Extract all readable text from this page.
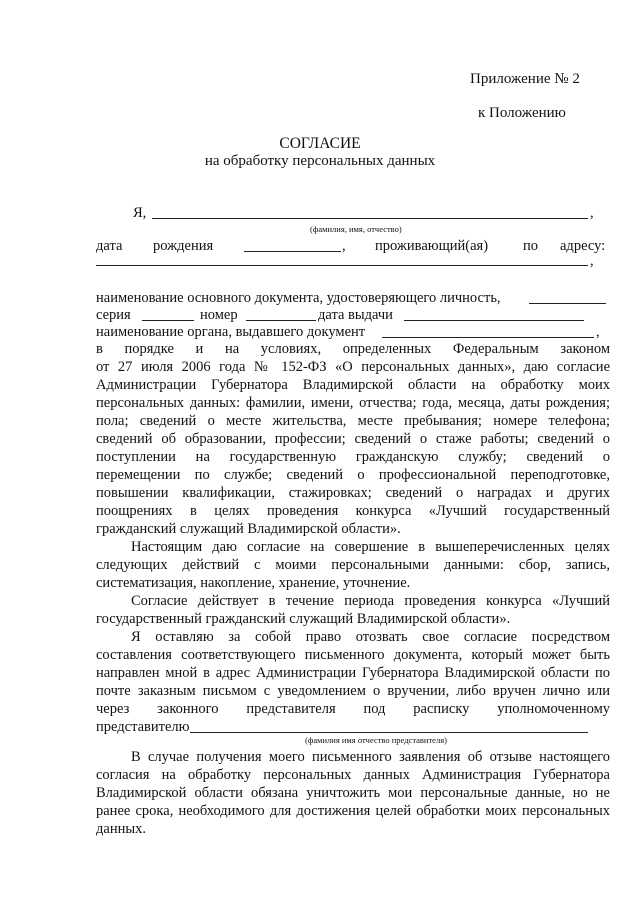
Приложение № 2
к Положению
СОГЛАСИЕ
на обработку персональных данных
Я,	,
(фамилия, имя, отчество)
дата рождения	, проживающий(ая) по адресу:
,
наименование основного документа, удостоверяющего личность,
серия	номер	дата выдачи
наименование органа, выдавшего документ	,
в порядке и на условиях, определенных Федеральным законом
от 27 июля 2006 года № 152-ФЗ «О персональных данных», даю согласие
Администрации Губернатора Владимирской области на обработку моих
персональных данных: фамилии, имени, отчества; года, месяца, даты рождения;
пола; сведений о месте жительства, месте пребывания; номере телефона;
сведений об образовании, профессии; сведений о стаже работы; сведений о
поступлении на государственную гражданскую службу; сведений о
перемещении по службе; сведений о профессиональной переподготовке,
повышении квалификации, стажировках; сведений о наградах и других
поощрениях в целях проведения конкурса «Лучший государственный
гражданский служащий Владимирской области».
Настоящим даю согласие на совершение в вышеперечисленных целях
следующих действий с моими персональными данными: сбор, запись,
систематизация, накопление, хранение, уточнение.
Согласие действует в течение периода проведения конкурса «Лучший
государственный гражданский служащий Владимирской области».
Я оставляю за собой право отозвать свое согласие посредством
составления соответствующего письменного документа, который может быть
направлен мной в адрес Администрации Губернатора Владимирской области по
почте заказным письмом с уведомлением о вручении, либо вручен лично или
через законного представителя под расписку уполномоченному
представителю
(фамилия имя отчество представителя)
В случае получения моего письменного заявления об отзыве настоящего
согласия на обработку персональных данных Администрация Губернатора
Владимирской области обязана уничтожить мои персональные данные, но не
ранее срока, необходимого для достижения целей обработки моих персональных
данных.
